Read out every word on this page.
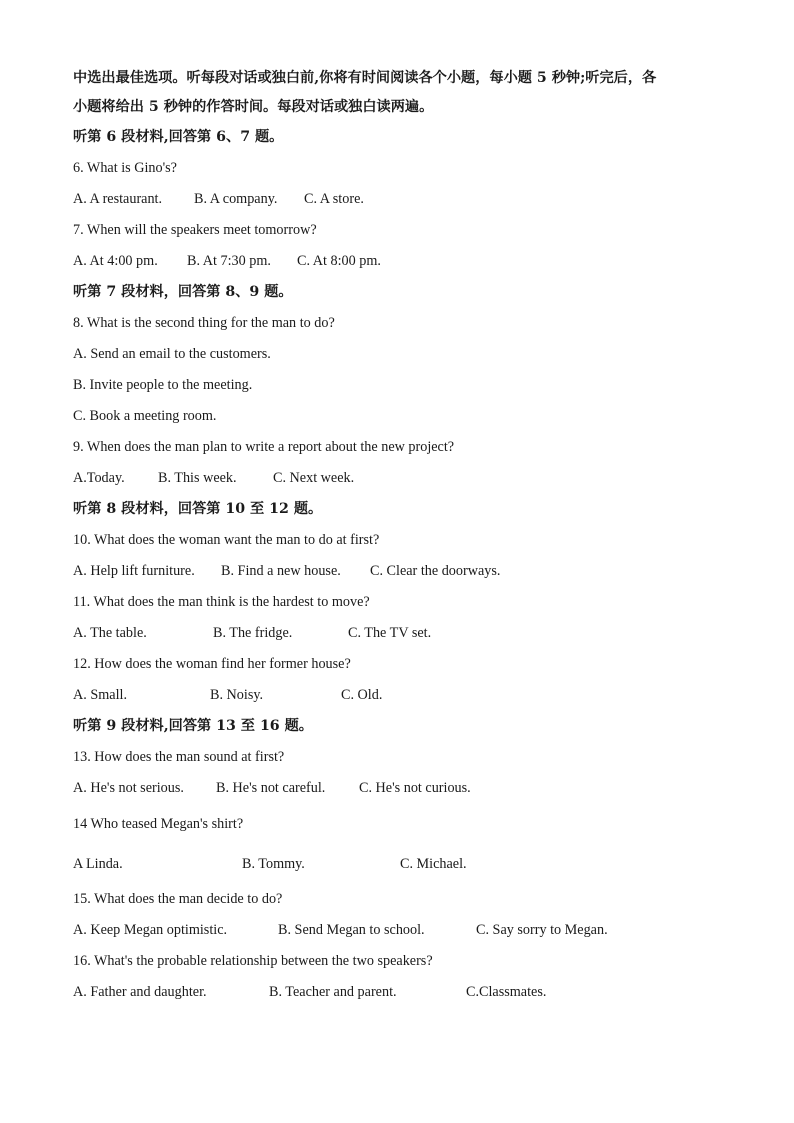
中选出最佳选项。听每段对话或独白前,你将有时间阅读各个小题，每小题 5 秒钟;听完后，各
小题将给出 5 秒钟的作答时间。每段对话或独白读两遍。

听第 6 段材料,回答第 6、7 题。
6. What is Gino's?
A. A restaurant.	B. A company.	C. A store.
7. When will the speakers meet tomorrow?
A. At 4:00 pm.	B. At 7:30 pm.	C. At 8:00 pm.
听第 7 段材料，回答第 8、9 题。
8. What is the second thing for the man to do?
A. Send an email to the customers.
B. Invite people to the meeting.
C. Book a meeting room.
9. When does the man plan to write a report about the new project?
A.Today.	B. This week.	C. Next week.
听第 8 段材料，回答第 10 至 12 题。
10. What does the woman want the man to do at first?
A. Help lift furniture.	B. Find a new house.	C. Clear the doorways.
11. What does the man think is the hardest to move?
A. The table.	B. The fridge.	C. The TV set.
12. How does the woman find her former house?
A. Small.	B. Noisy.	C. Old.
听第 9 段材料,回答第 13 至 16 题。
13. How does the man sound at first?
A. He's not serious.	B. He's not careful.	C. He's not curious.
14 Who teased Megan's shirt?
A Linda.	B. Tommy.	C. Michael.
15. What does the man decide to do?
A. Keep Megan optimistic.	B. Send Megan to school.	C. Say sorry to Megan.
16. What's the probable relationship between the two speakers?
A. Father and daughter.	B. Teacher and parent.	C.Classmates.
